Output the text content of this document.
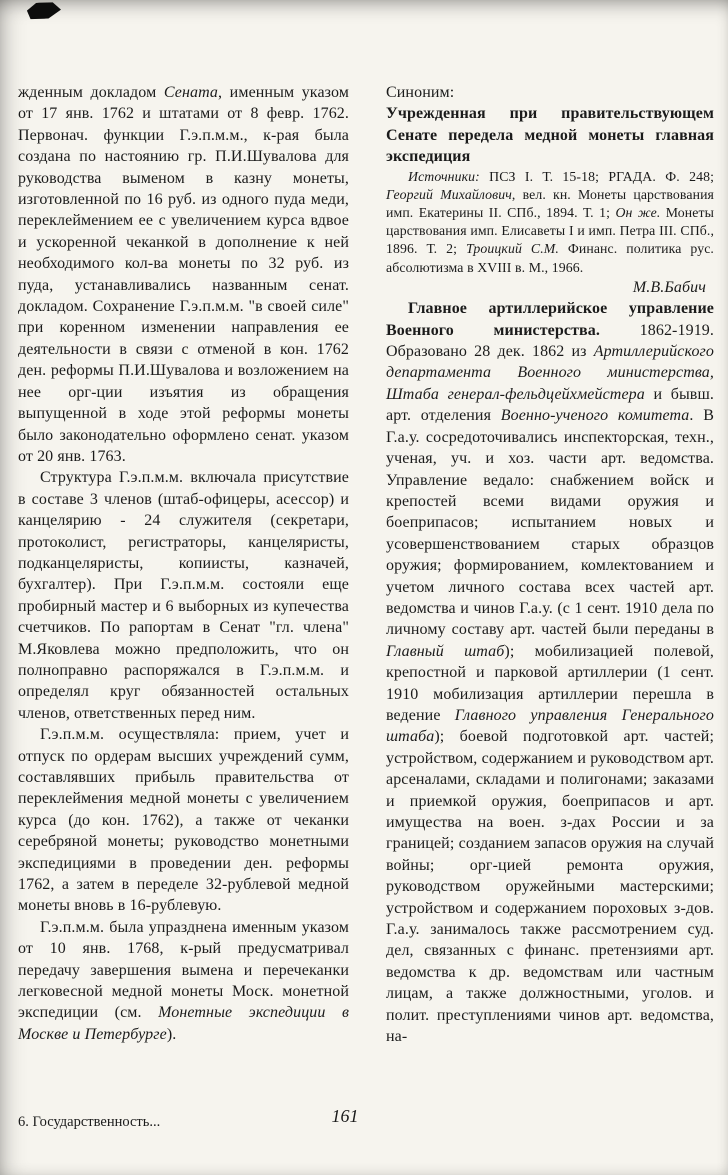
жденным докладом Сената, именным указом от 17 янв. 1762 и штатами от 8 февр. 1762. Первонач. функции Г.э.п.м.м., к-рая была создана по настоянию гр. П.И.Шувалова для руководства выменом в казну монеты, изготовленной по 16 руб. из одного пуда меди, переклеймением ее с увеличением курса вдвое и ускоренной чеканкой в дополнение к ней необходимого кол-ва монеты по 32 руб. из пуда, устанавливались названным сенат. докладом. Сохранение Г.э.п.м.м. "в своей силе" при коренном изменении направления ее деятельности в связи с отменой в кон. 1762 ден. реформы П.И.Шувалова и возложением на нее орг-ции изъятия из обращения выпущенной в ходе этой реформы монеты было законодательно оформлено сенат. указом от 20 янв. 1763.

Структура Г.э.п.м.м. включала присутствие в составе 3 членов (штаб-офицеры, асессор) и канцелярию - 24 служителя (секретари, протоколист, регистраторы, канцеляристы, подканцеляристы, копиисты, казначей, бухгалтер). При Г.э.п.м.м. состояли еще пробирный мастер и 6 выборных из купечества счетчиков. По рапортам в Сенат "гл. члена" М.Яковлева можно предположить, что он полноправно распоряжался в Г.э.п.м.м. и определял круг обязанностей остальных членов, ответственных перед ним.

Г.э.п.м.м. осуществляла: прием, учет и отпуск по ордерам высших учреждений сумм, составлявших прибыль правительства от переклеймения медной монеты с увеличением курса (до кон. 1762), а также от чеканки серебряной монеты; руководство монетными экспедициями в проведении ден. реформы 1762, а затем в переделе 32-рублевой медной монеты вновь в 16-рублевую.

Г.э.п.м.м. была упразднена именным указом от 10 янв. 1768, к-рый предусматривал передачу завершения вымена и перечеканки легковесной медной монеты Моск. монетной экспедиции (см. Монетные экспедиции в Москве и Петербурге).

Синоним:

Учрежденная при правительствующем Сенате передела медной монеты главная экспедиция

Источники: ПСЗ I. Т. 15-18; РГАДА. Ф. 248; Георгий Михайлович, вел. кн. Монеты царствования имп. Екатерины II. СПб., 1894. Т. 1; Он же. Монеты царствования имп. Елисаветы I и имп. Петра III. СПб., 1896. Т. 2; Троицкий С.М. Финанс. политика рус. абсолютизма в XVIII в. М., 1966.

М.В.Бабич

Главное артиллерийское управление Военного министерства. 1862-1919. Образовано 28 дек. 1862 из Артиллерийского департамента Военного министерства, Штаба генерал-фельдцейхмейстера и бывш. арт. отделения Военно-ученого комитета. В Г.а.у. сосредоточивались инспекторская, техн., ученая, уч. и хоз. части арт. ведомства. Управление ведало: снабжением войск и крепостей всеми видами оружия и боеприпасов; испытанием новых и усовершенствованием старых образцов оружия; формированием, комлектованием и учетом личного состава всех частей арт. ведомства и чинов Г.а.у. (с 1 сент. 1910 дела по личному составу арт. частей были переданы в Главный штаб); мобилизацией полевой, крепостной и парковой артиллерии (1 сент. 1910 мобилизация артиллерии перешла в ведение Главного управления Генерального штаба); боевой подготовкой арт. частей; устройством, содержанием и руководством арт. арсеналами, складами и полигонами; заказами и приемкой оружия, боеприпасов и арт. имущества на воен. з-дах России и за границей; созданием запасов оружия на случай войны; орг-цией ремонта оружия, руководством оружейными мастерскими; устройством и содержанием пороховых з-дов. Г.а.у. занималось также рассмотрением суд. дел, связанных с финанс. претензиями арт. ведомства к др. ведомствам или частным лицам, а также должностными, уголов. и полит. преступлениями чинов арт. ведомства, на-

6. Государственность...	161
